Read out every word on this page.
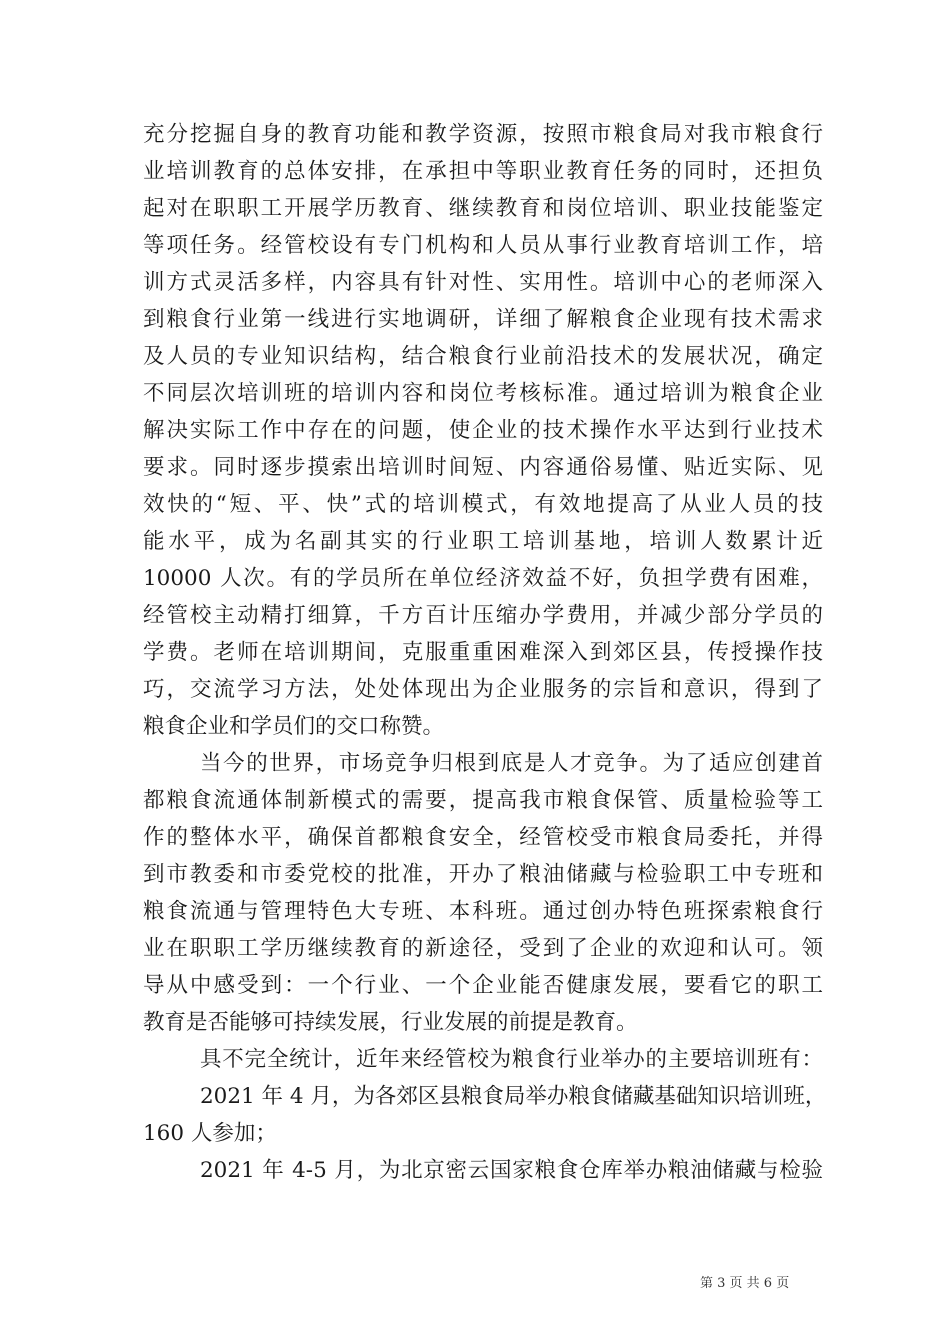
充分挖掘自身的教育功能和教学资源，按照市粮食局对我市粮食行
业培训教育的总体安排，在承担中等职业教育任务的同时，还担负
起对在职职工开展学历教育、继续教育和岗位培训、职业技能鉴定
等项任务。经管校设有专门机构和人员从事行业教育培训工作，培
训方式灵活多样，内容具有针对性、实用性。培训中心的老师深入
到粮食行业第一线进行实地调研，详细了解粮食企业现有技术需求
及人员的专业知识结构，结合粮食行业前沿技术的发展状况，确定
不同层次培训班的培训内容和岗位考核标准。通过培训为粮食企业
解决实际工作中存在的问题，使企业的技术操作水平达到行业技术
要求。同时逐步摸索出培训时间短、内容通俗易懂、贴近实际、见
效快的“短、平、快”式的培训模式，有效地提高了从业人员的技
能水平，成为名副其实的行业职工培训基地，培训人数累计近
10000 人次。有的学员所在单位经济效益不好，负担学费有困难，
经管校主动精打细算，千方百计压缩办学费用，并减少部分学员的
学费。老师在培训期间，克服重重困难深入到郊区县，传授操作技
巧，交流学习方法，处处体现出为企业服务的宗旨和意识，得到了
粮食企业和学员们的交口称赞。
当今的世界，市场竞争归根到底是人才竞争。为了适应创建首
都粮食流通体制新模式的需要，提高我市粮食保管、质量检验等工
作的整体水平，确保首都粮食安全，经管校受市粮食局委托，并得
到市教委和市委党校的批准，开办了粮油储藏与检验职工中专班和
粮食流通与管理特色大专班、本科班。通过创办特色班探索粮食行
业在职职工学历继续教育的新途径，受到了企业的欢迎和认可。领
导从中感受到：一个行业、一个企业能否健康发展，要看它的职工
教育是否能够可持续发展，行业发展的前提是教育。
具不完全统计，近年来经管校为粮食行业举办的主要培训班有：
2021 年 4 月，为各郊区县粮食局举办粮食储藏基础知识培训班，
160 人参加；
2021 年 4-5 月，为北京密云国家粮食仓库举办粮油储藏与检验
第 3 页 共 6 页
